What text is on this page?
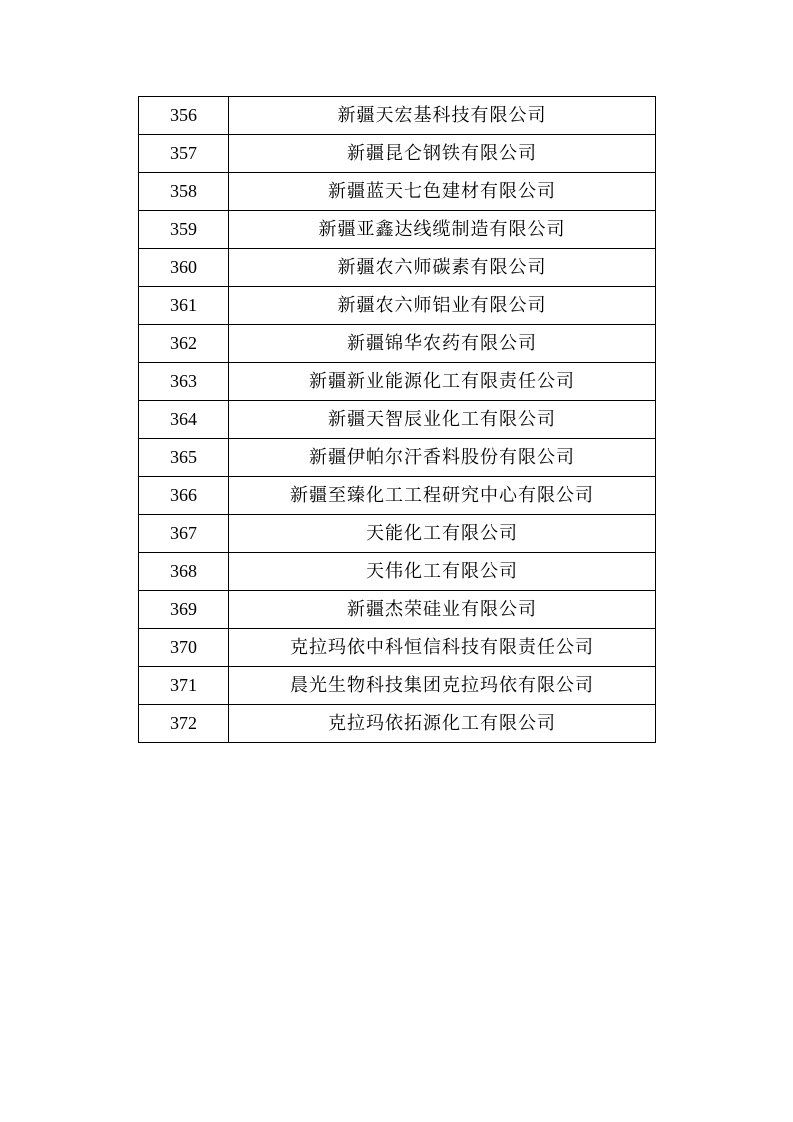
356	新疆天宏基科技有限公司
357	新疆昆仑钢铁有限公司
358	新疆蓝天七色建材有限公司
359	新疆亚鑫达线缆制造有限公司
360	新疆农六师碳素有限公司
361	新疆农六师铝业有限公司
362	新疆锦华农药有限公司
363	新疆新业能源化工有限责任公司
364	新疆天智辰业化工有限公司
365	新疆伊帕尔汗香料股份有限公司
366	新疆至臻化工工程研究中心有限公司
367	天能化工有限公司
368	天伟化工有限公司
369	新疆杰荣硅业有限公司
370	克拉玛依中科恒信科技有限责任公司
371	晨光生物科技集团克拉玛依有限公司
372	克拉玛依拓源化工有限公司
